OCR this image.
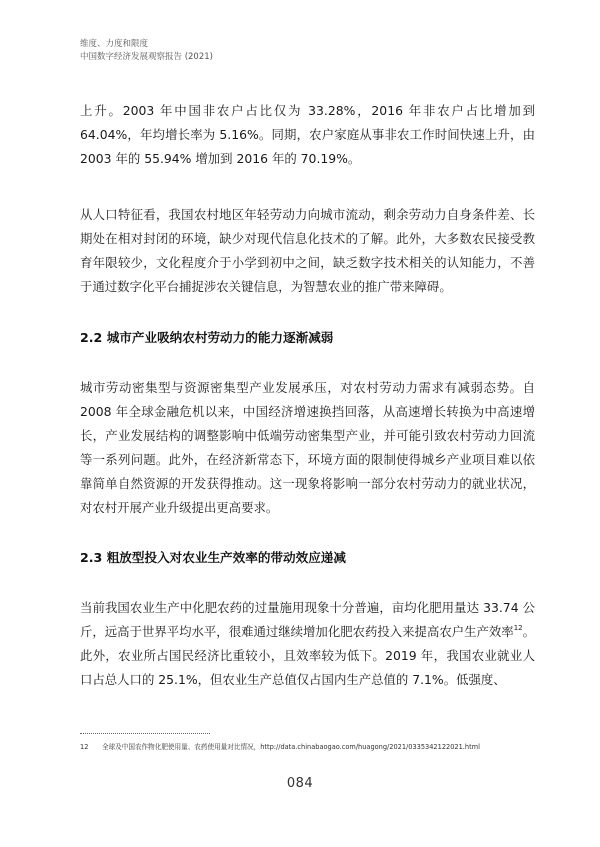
维度、力度和限度
中国数字经济发展观察报告 (2021)
上升。2003 年中国非农户占比仅为 33.28%，2016 年非农户占比增加到 64.04%，年均增长率为 5.16%。同期，农户家庭从事非农工作时间快速上升，由 2003 年的 55.94% 增加到 2016 年的 70.19%。
从人口特征看，我国农村地区年轻劳动力向城市流动，剩余劳动力自身条件差、长期处在相对封闭的环境，缺少对现代信息化技术的了解。此外，大多数农民接受教育年限较少，文化程度介于小学到初中之间，缺乏数字技术相关的认知能力，不善于通过数字化平台捕捉涉农关键信息，为智慧农业的推广带来障碍。
2.2 城市产业吸纳农村劳动力的能力逐渐减弱
城市劳动密集型与资源密集型产业发展承压，对农村劳动力需求有减弱态势。自 2008 年全球金融危机以来，中国经济增速换挡回落，从高速增长转换为中高速增长，产业发展结构的调整影响中低端劳动密集型产业，并可能引致农村劳动力回流等一系列问题。此外，在经济新常态下，环境方面的限制使得城乡产业项目难以依靠简单自然资源的开发获得推动。这一现象将影响一部分农村劳动力的就业状况，对农村开展产业升级提出更高要求。
2.3 粗放型投入对农业生产效率的带动效应递减
当前我国农业生产中化肥农药的过量施用现象十分普遍，亩均化肥用量达 33.74 公斤，远高于世界平均水平，很难通过继续增加化肥农药投入来提高农户生产效率$^{12}$。此外，农业所占国民经济比重较小，且效率较为低下。2019 年，我国农业就业人口占总人口的 25.1%，但农业生产总值仅占国内生产总值的 7.1%。低强度、
12 全球及中国农作物化肥使用量、农药使用量对比情况，http://data.chinabaogao.com/huagong/2021/0335342122021.html
084
